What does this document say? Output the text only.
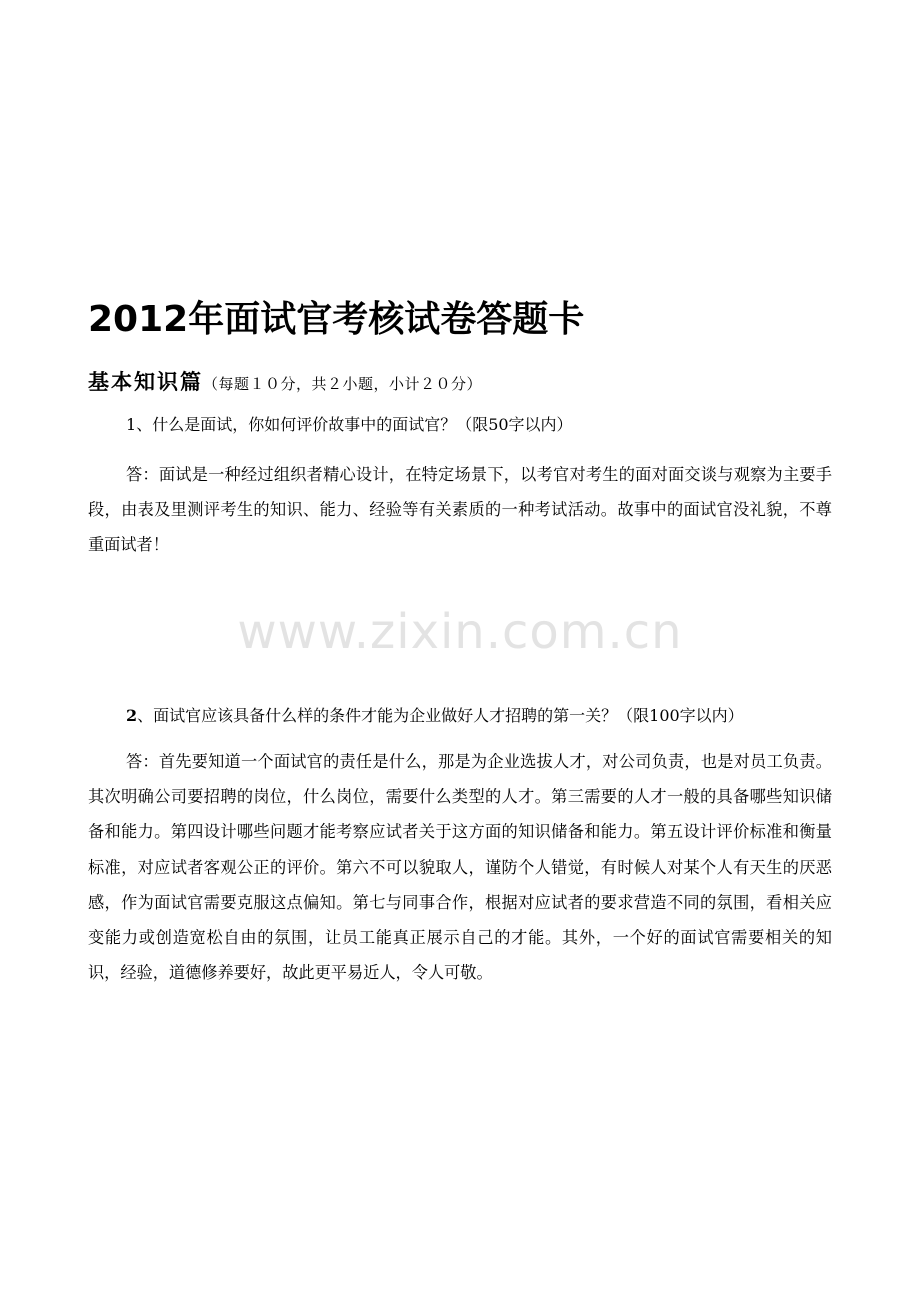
2012年面试官考核试卷答题卡
基本知识篇（每题１０分，共２小题，小计２０分）
1、什么是面试，你如何评价故事中的面试官？（限50字以内）

答：面试是一种经过组织者精心设计，在特定场景下，以考官对考生的面对面交谈与观察为主要手段，由表及里测评考生的知识、能力、经验等有关素质的一种考试活动。故事中的面试官没礼貌，不尊重面试者！

www.zixin.com.cn
2、面试官应该具备什么样的条件才能为企业做好人才招聘的第一关？（限100字以内）

答：首先要知道一个面试官的责任是什么，那是为企业选拔人才，对公司负责，也是对员工负责。其次明确公司要招聘的岗位，什么岗位，需要什么类型的人才。第三需要的人才一般的具备哪些知识储备和能力。第四设计哪些问题才能考察应试者关于这方面的知识储备和能力。第五设计评价标准和衡量标准，对应试者客观公正的评价。第六不可以貌取人，谨防个人错觉，有时候人对某个人有天生的厌恶感，作为面试官需要克服这点偏知。第七与同事合作，根据对应试者的要求营造不同的氛围，看相关应变能力或创造宽松自由的氛围，让员工能真正展示自己的才能。其外，一个好的面试官需要相关的知识，经验，道德修养要好，故此更平易近人，令人可敬。
